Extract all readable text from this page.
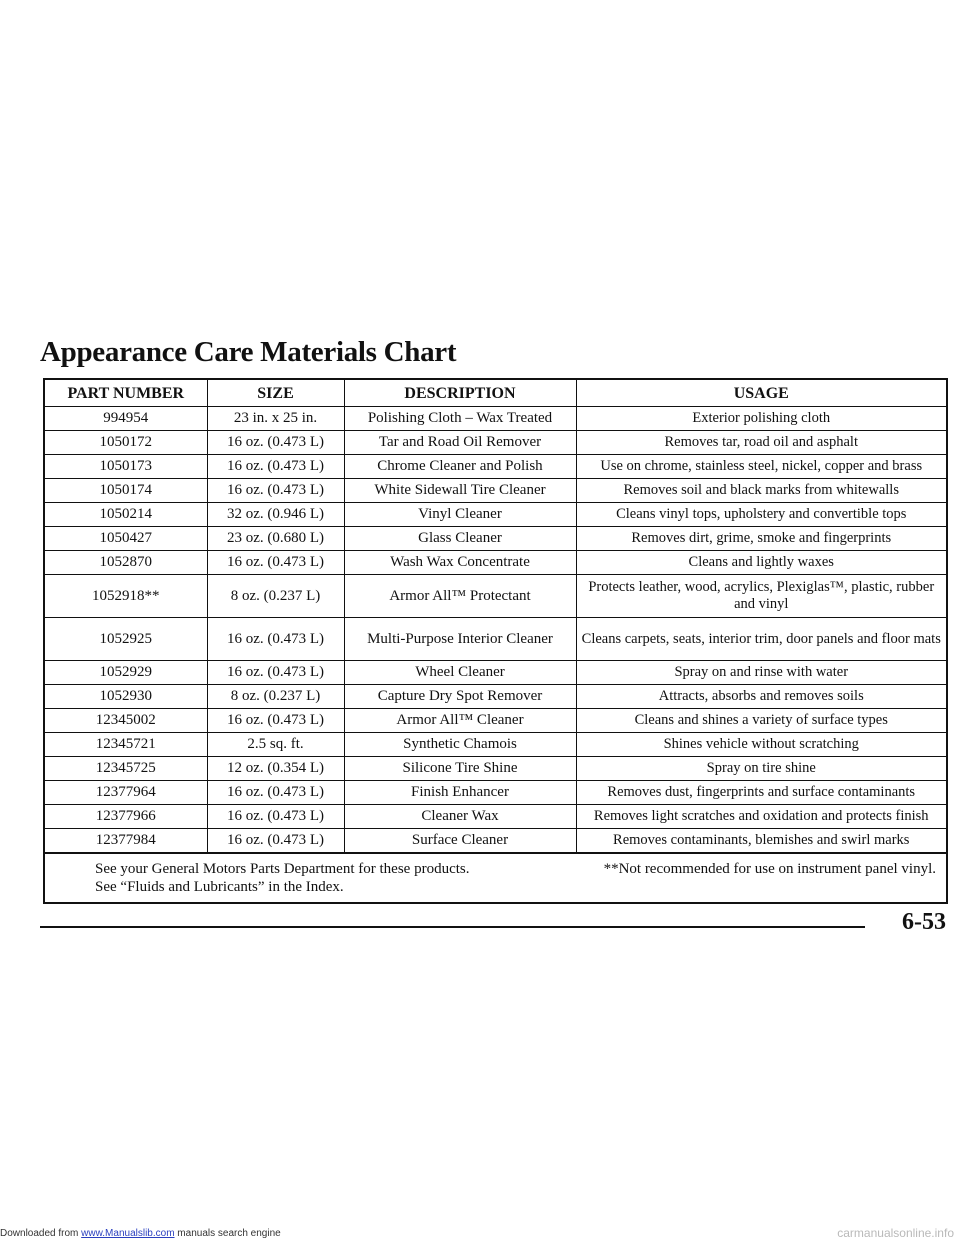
Appearance Care Materials Chart
PART NUMBER	SIZE	DESCRIPTION	USAGE
994954	23 in. x 25 in.	Polishing Cloth – Wax Treated	Exterior polishing cloth
1050172	16 oz. (0.473 L)	Tar and Road Oil Remover	Removes tar, road oil and asphalt
1050173	16 oz. (0.473 L)	Chrome Cleaner and Polish	Use on chrome, stainless steel, nickel, copper and brass
1050174	16 oz. (0.473 L)	White Sidewall Tire Cleaner	Removes soil and black marks from whitewalls
1050214	32 oz. (0.946 L)	Vinyl Cleaner	Cleans vinyl tops, upholstery and convertible tops
1050427	23 oz. (0.680 L)	Glass Cleaner	Removes dirt, grime, smoke and fingerprints
1052870	16 oz. (0.473 L)	Wash Wax Concentrate	Cleans and lightly waxes
1052918**	8 oz. (0.237 L)	Armor All™ Protectant	Protects leather, wood, acrylics, Plexiglas™, plastic, rubber and vinyl
1052925	16 oz. (0.473 L)	Multi-Purpose Interior Cleaner	Cleans carpets, seats, interior trim, door panels and floor mats
1052929	16 oz. (0.473 L)	Wheel Cleaner	Spray on and rinse with water
1052930	8 oz. (0.237 L)	Capture Dry Spot Remover	Attracts, absorbs and removes soils
12345002	16 oz. (0.473 L)	Armor All™ Cleaner	Cleans and shines a variety of surface types
12345721	2.5 sq. ft.	Synthetic Chamois	Shines vehicle without scratching
12345725	12 oz. (0.354 L)	Silicone Tire Shine	Spray on tire shine
12377964	16 oz. (0.473 L)	Finish Enhancer	Removes dust, fingerprints and surface contaminants
12377966	16 oz. (0.473 L)	Cleaner Wax	Removes light scratches and oxidation and protects finish
12377984	16 oz. (0.473 L)	Surface Cleaner	Removes contaminants, blemishes and swirl marks
See your General Motors Parts Department for these products.
See “Fluids and Lubricants” in the Index.
**Not recommended for use on instrument panel vinyl.
6-53
Downloaded from www.Manualslib.com manuals search engine	carmanualsonline.info
